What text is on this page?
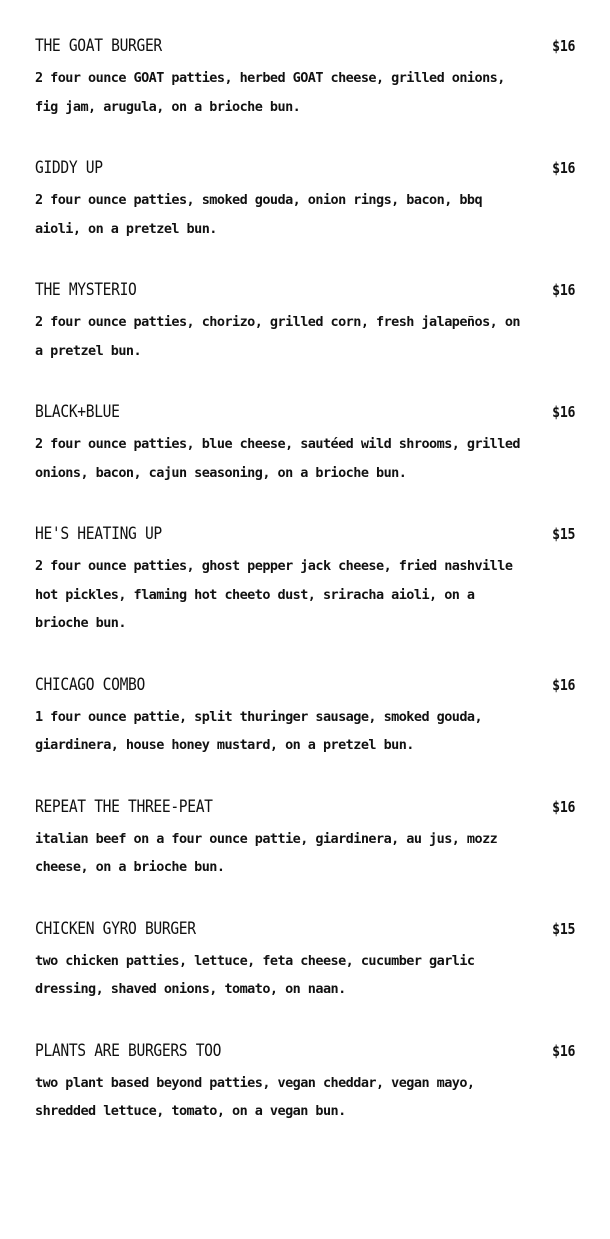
THE GOAT BURGER	$16
2 four ounce GOAT patties, herbed GOAT cheese, grilled onions, fig jam, arugula, on a brioche bun.
GIDDY UP	$16
2 four ounce patties, smoked gouda, onion rings, bacon, bbq aioli, on a pretzel bun.
THE MYSTERIO	$16
2 four ounce patties, chorizo, grilled corn, fresh jalapeños, on a pretzel bun.
BLACK+BLUE	$16
2 four ounce patties, blue cheese, sautéed wild shrooms, grilled onions, bacon, cajun seasoning, on a brioche bun.
HE'S HEATING UP	$15
2 four ounce patties, ghost pepper jack cheese, fried nashville hot pickles, flaming hot cheeto dust, sriracha aioli, on a brioche bun.
CHICAGO COMBO	$16
1 four ounce pattie, split thuringer sausage, smoked gouda, giardinera, house honey mustard, on a pretzel bun.
REPEAT THE THREE-PEAT	$16
italian beef on a four ounce pattie, giardinera, au jus, mozz cheese, on a brioche bun.
CHICKEN GYRO BURGER	$15
two chicken patties, lettuce, feta cheese, cucumber garlic dressing, shaved onions, tomato, on naan.
PLANTS ARE BURGERS TOO	$16
two plant based beyond patties, vegan cheddar, vegan mayo, shredded lettuce, tomato, on a vegan bun.
